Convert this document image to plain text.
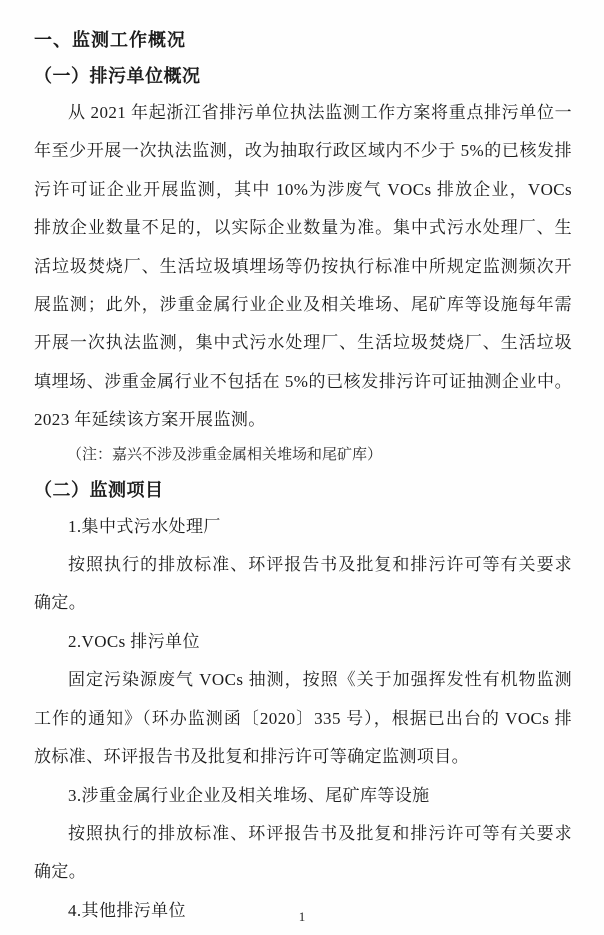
一、监测工作概况
（一）排污单位概况

从 2021 年起浙江省排污单位执法监测工作方案将重点排污单位一年至少开展一次执法监测，改为抽取行政区域内不少于 5%的已核发排污许可证企业开展监测，其中 10%为涉废气 VOCs 排放企业，VOCs 排放企业数量不足的，以实际企业数量为准。集中式污水处理厂、生活垃圾焚烧厂、生活垃圾填埋场等仍按执行标准中所规定监测频次开展监测；此外，涉重金属行业企业及相关堆场、尾矿库等设施每年需开展一次执法监测，集中式污水处理厂、生活垃圾焚烧厂、生活垃圾填埋场、涉重金属行业不包括在 5%的已核发排污许可证抽测企业中。2023 年延续该方案开展监测。

（注：嘉兴不涉及涉重金属相关堆场和尾矿库）

（二）监测项目

1.集中式污水处理厂

按照执行的排放标准、环评报告书及批复和排污许可等有关要求确定。

2.VOCs 排污单位

固定污染源废气 VOCs 抽测，按照《关于加强挥发性有机物监测工作的通知》（环办监测函〔2020〕335 号），根据已出台的 VOCs 排放标准、环评报告书及批复和排污许可等确定监测项目。

3.涉重金属行业企业及相关堆场、尾矿库等设施

按照执行的排放标准、环评报告书及批复和排污许可等有关要求确定。

4.其他排污单位	1
